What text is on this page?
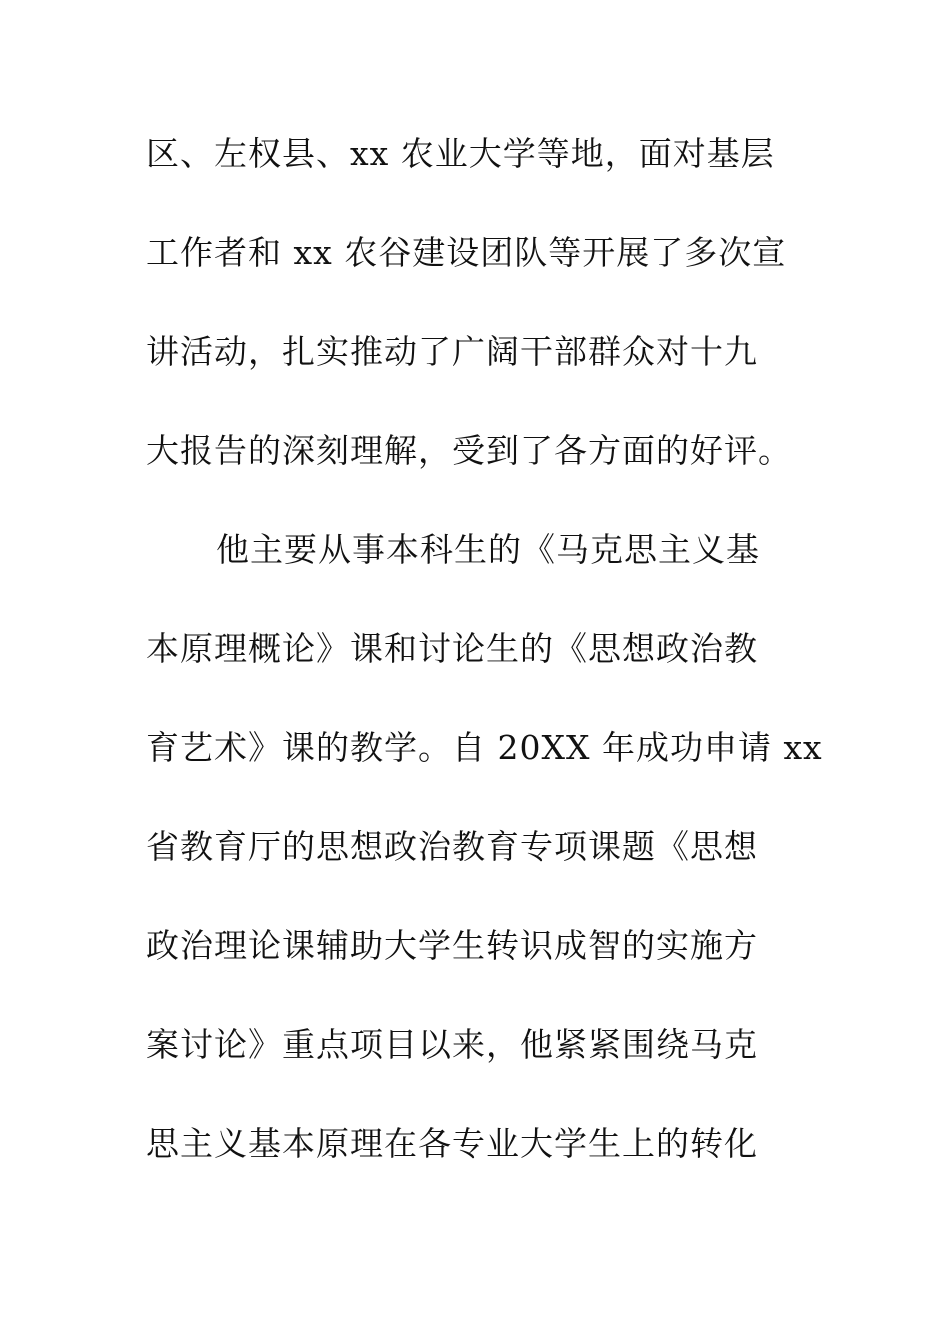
区、左权县、xx 农业大学等地，面对基层
工作者和 xx 农谷建设团队等开展了多次宣
讲活动，扎实推动了广阔干部群众对十九
大报告的深刻理解，受到了各方面的好评。
他主要从事本科生的《马克思主义基
本原理概论》课和讨论生的《思想政治教
育艺术》课的教学。自 20XX 年成功申请 xx
省教育厅的思想政治教育专项课题《思想
政治理论课辅助大学生转识成智的实施方
案讨论》重点项目以来，他紧紧围绕马克
思主义基本原理在各专业大学生上的转化
